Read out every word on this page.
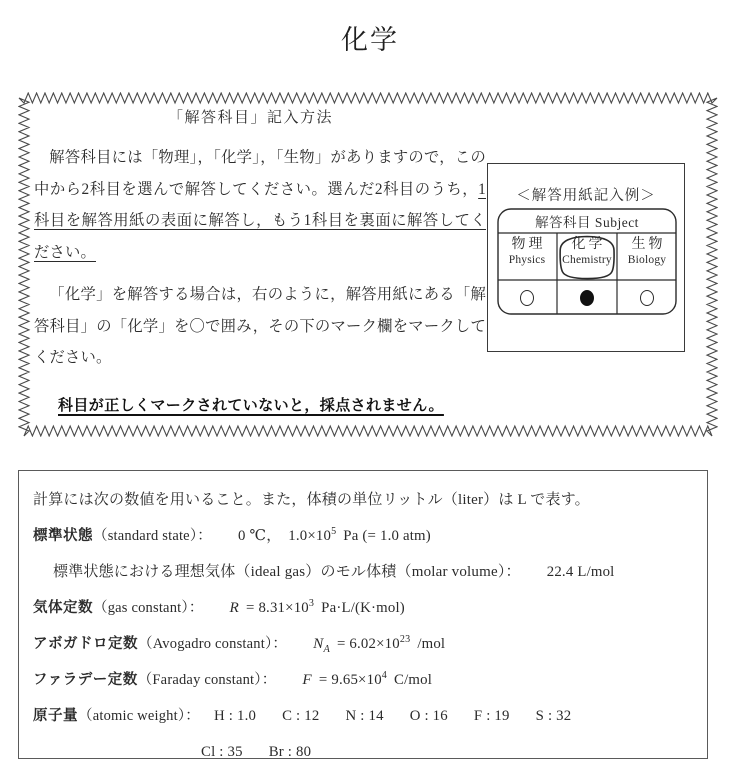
化学
「解答科目」記入方法

解答科目には「物理」，「化学」，「生物」がありますので，この中から2科目を選んで解答してください。選んだ2科目のうち，1科目を解答用紙の表面に解答し，もう1科目を裏面に解答してください。

「化学」を解答する場合は，右のように，解答用紙にある「解答科目」の「化学」を〇で囲み，その下のマーク欄をマークしてください。

科目が正しくマークされていないと，採点されません。
＜解答用紙記入例＞
解答科目 Subject
物理
Physics
化学
Chemistry
生物
Biology
計算には次の数値を用いること。また，体積の単位リットル（liter）は L で表す。
標準状態（standard state）： 0 ℃， $1.0\times 10^5$ Pa (= 1.0 atm)
標準状態における理想気体（ideal gas）のモル体積（molar volume）： 22.4 L/mol
気体定数（gas constant）： $R = 8.31\times 10^3$ Pa·L/(K·mol)
アボガドロ定数（Avogadro constant）： $N_A = 6.02\times 10^{23}$ /mol
ファラデー定数（Faraday constant）： $F = 9.65\times 10^4$ C/mol
原子量（atomic weight）： H : 1.0 C : 12 N : 14 O : 16 F : 19 S : 32
Cl : 35 Br : 80
